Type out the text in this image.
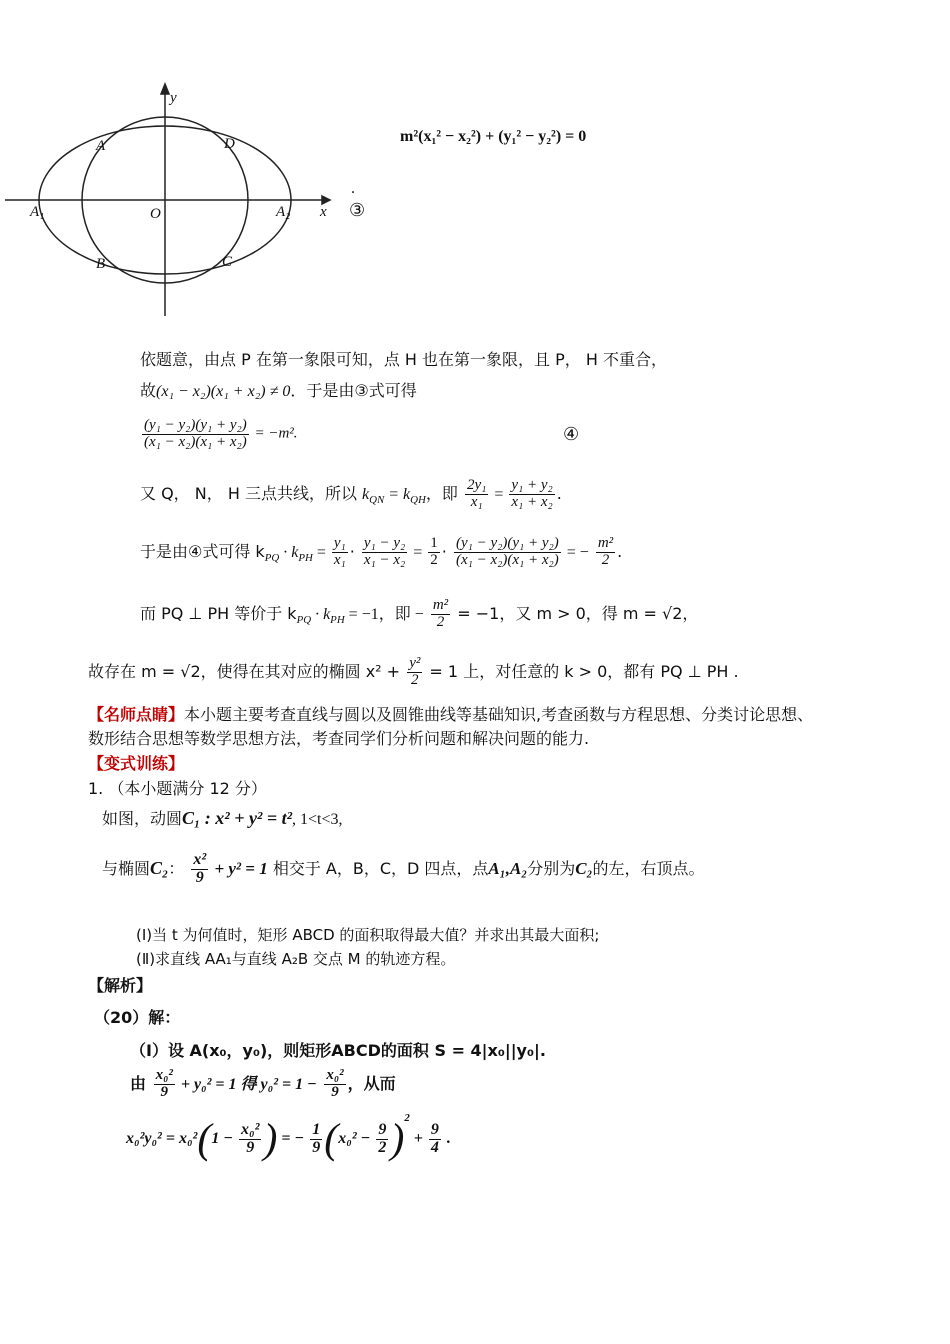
y
x
A	D
A₁	O	A₂
B	C
m²(x₁² − x₂²) + (y₁² − y₂²) = 0
.
③
依题意，由点 P 在第一象限可知，点 H 也在第一象限，且 P， H 不重合，
故(x₁ − x₂)(x₁ + x₂) ≠ 0．于是由③式可得
$\frac{\text{(y₁ − y₂)(y₁ + y₂)}}{\text{(x₁ − x₂)(x₁ + x₂)}} = -m^2$.	④
又 Q， N， H 三点共线，所以 $k_{QN} = k_{QH}$，即 $\frac{\text{2y₁}}{\text{x₁}} = \frac{\text{y₁ + y₂}}{\text{x₁ + x₂}}$ .
于是由④式可得 $k_{PQ} \cdot k_{PH} = \frac{\text{y₁}}{\text{x₁}} \cdot \frac{\text{y₁ − y₂}}{\text{x₁ − x₂}} = \frac{1}{2} \cdot \frac{\text{(y₁ − y₂)(y₁ + y₂)}}{\text{(x₁ − x₂)(x₁ + x₂)}}$ = − $\frac{\text{m²}}{2}$ .
而 PQ ⊥ PH 等价于 $k_{PQ} \cdot k_{PH} = -1$，即 − $\frac{\text{m²}}{2} = -1$，又 m > 0，得 m = √2，
故存在 m = √2，使得在其对应的椭圆 $x^2 + \frac{\text{y²}}{2} = 1$ 上，对任意的 k > 0，都有 PQ ⊥ PH .
【名师点睛】本小题主要考查直线与圆以及圆锥曲线等基础知识,考查函数与方程思想、分类讨论思想、
数形结合思想等数学思想方法，考查同学们分析问题和解决问题的能力.
【变式训练】
1. （本小题满分 12 分）
如图，动圆C₁ : x² + y² = t², 1<t<3,
与椭圆C₂： $\frac{\text{x²}}{9} + y^2 = 1$ 相交于 A，B，C，D 四点，点A₁,A₂分别为C₂的左，右顶点。
(Ⅰ)当 t 为何值时，矩形 ABCD 的面积取得最大值？并求出其最大面积;
(Ⅱ)求直线 AA₁与直线 A₂B 交点 M 的轨迹方程。
【解析】
（20）解：
（Ⅰ）设 A(x₀，y₀)，则矩形ABCD的面积 S = 4|x₀||y₀|.
由 $\frac{\text{x₀²}}{9} + y_0^2 = 1$ 得 $y_0^2 = 1 - \frac{\text{x₀²}}{9}$ ，从而
$x_0^2y_0^2 = x_0^2(1 - \frac{\text{x₀²}}{9}$ ) = − $\frac{1}{9} (x_0^2 - \frac{9}{2} )^2 + \frac{9}{4}$ .
